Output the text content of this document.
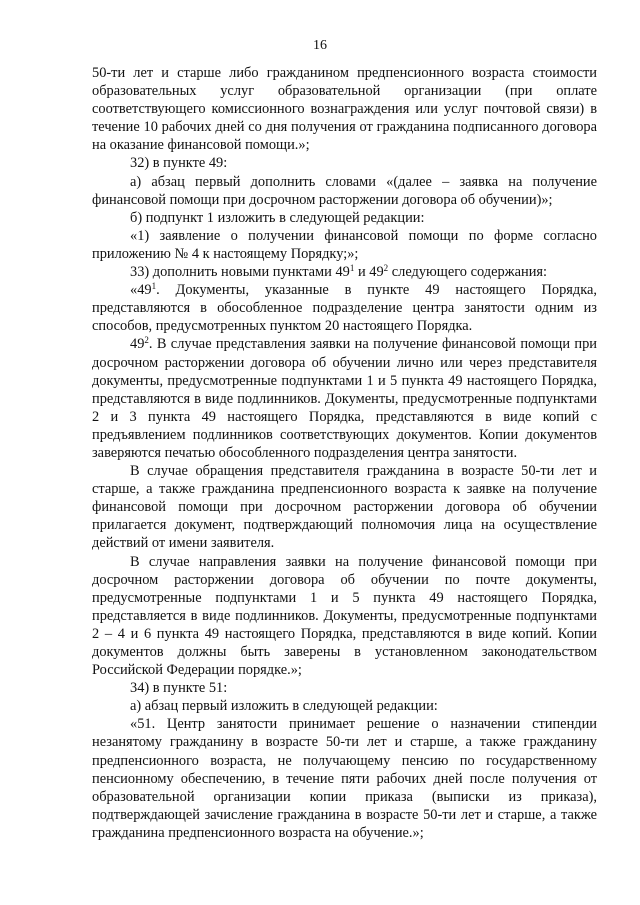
16

50-ти лет и старше либо гражданином предпенсионного возраста стоимости образовательных услуг образовательной организации (при оплате соответствующего комиссионного вознаграждения или услуг почтовой связи) в течение 10 рабочих дней со дня получения от гражданина подписанного договора на оказание финансовой помощи.»;

32) в пункте 49:

а) абзац первый дополнить словами «(далее – заявка на получение финансовой помощи при досрочном расторжении договора об обучении)»;

б) подпункт 1 изложить в следующей редакции:

«1) заявление о получении финансовой помощи по форме согласно приложению № 4 к настоящему Порядку;»;

33) дополнить новыми пунктами $49^1$ и $49^2$ следующего содержания:

«$49^1$. Документы, указанные в пункте 49 настоящего Порядка, представляются в обособленное подразделение центра занятости одним из способов, предусмотренных пунктом 20 настоящего Порядка.

$49^2$. В случае представления заявки на получение финансовой помощи при досрочном расторжении договора об обучении лично или через представителя документы, предусмотренные подпунктами 1 и 5 пункта 49 настоящего Порядка, представляются в виде подлинников. Документы, предусмотренные подпунктами 2 и 3 пункта 49 настоящего Порядка, представляются в виде копий с предъявлением подлинников соответствующих документов. Копии документов заверяются печатью обособленного подразделения центра занятости.

В случае обращения представителя гражданина в возрасте 50-ти лет и старше, а также гражданина предпенсионного возраста к заявке на получение финансовой помощи при досрочном расторжении договора об обучении прилагается документ, подтверждающий полномочия лица на осуществление действий от имени заявителя.

В случае направления заявки на получение финансовой помощи при досрочном расторжении договора об обучении по почте документы, предусмотренные подпунктами 1 и 5 пункта 49 настоящего Порядка, представляется в виде подлинников. Документы, предусмотренные подпунктами 2 – 4 и 6 пункта 49 настоящего Порядка, представляются в виде копий. Копии документов должны быть заверены в установленном законодательством Российской Федерации порядке.»;

34) в пункте 51:

а) абзац первый изложить в следующей редакции:

«51. Центр занятости принимает решение о назначении стипендии незанятому гражданину в возрасте 50-ти лет и старше, а также гражданину предпенсионного возраста, не получающему пенсию по государственному пенсионному обеспечению, в течение пяти рабочих дней после получения от образовательной организации копии приказа (выписки из приказа), подтверждающей зачисление гражданина в возрасте 50-ти лет и старше, а также гражданина предпенсионного возраста на обучение.»;
